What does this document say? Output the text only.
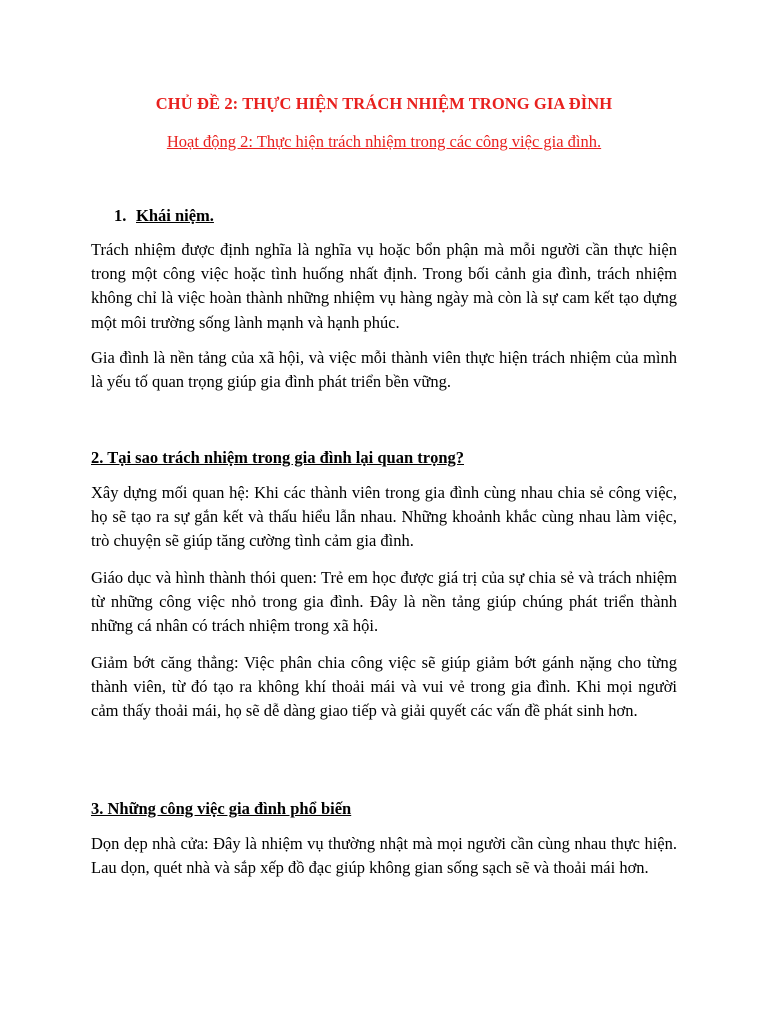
CHỦ ĐỀ 2: THỰC HIỆN TRÁCH NHIỆM TRONG GIA ĐÌNH
Hoạt động 2: Thực hiện trách nhiệm trong các công việc gia đình.
1. Khái niệm.

Trách nhiệm được định nghĩa là nghĩa vụ hoặc bổn phận mà mỗi người cần thực hiện trong một công việc hoặc tình huống nhất định. Trong bối cảnh gia đình, trách nhiệm không chỉ là việc hoàn thành những nhiệm vụ hàng ngày mà còn là sự cam kết tạo dựng một môi trường sống lành mạnh và hạnh phúc.

Gia đình là nền tảng của xã hội, và việc mỗi thành viên thực hiện trách nhiệm của mình là yếu tố quan trọng giúp gia đình phát triển bền vững.

2. Tại sao trách nhiệm trong gia đình lại quan trọng?

Xây dựng mối quan hệ: Khi các thành viên trong gia đình cùng nhau chia sẻ công việc, họ sẽ tạo ra sự gắn kết và thấu hiểu lẫn nhau. Những khoảnh khắc cùng nhau làm việc, trò chuyện sẽ giúp tăng cường tình cảm gia đình.

Giáo dục và hình thành thói quen: Trẻ em học được giá trị của sự chia sẻ và trách nhiệm từ những công việc nhỏ trong gia đình. Đây là nền tảng giúp chúng phát triển thành những cá nhân có trách nhiệm trong xã hội.

Giảm bớt căng thẳng: Việc phân chia công việc sẽ giúp giảm bớt gánh nặng cho từng thành viên, từ đó tạo ra không khí thoải mái và vui vẻ trong gia đình. Khi mọi người cảm thấy thoải mái, họ sẽ dễ dàng giao tiếp và giải quyết các vấn đề phát sinh hơn.

3. Những công việc gia đình phổ biến

Dọn dẹp nhà cửa: Đây là nhiệm vụ thường nhật mà mọi người cần cùng nhau thực hiện. Lau dọn, quét nhà và sắp xếp đồ đạc giúp không gian sống sạch sẽ và thoải mái hơn.
